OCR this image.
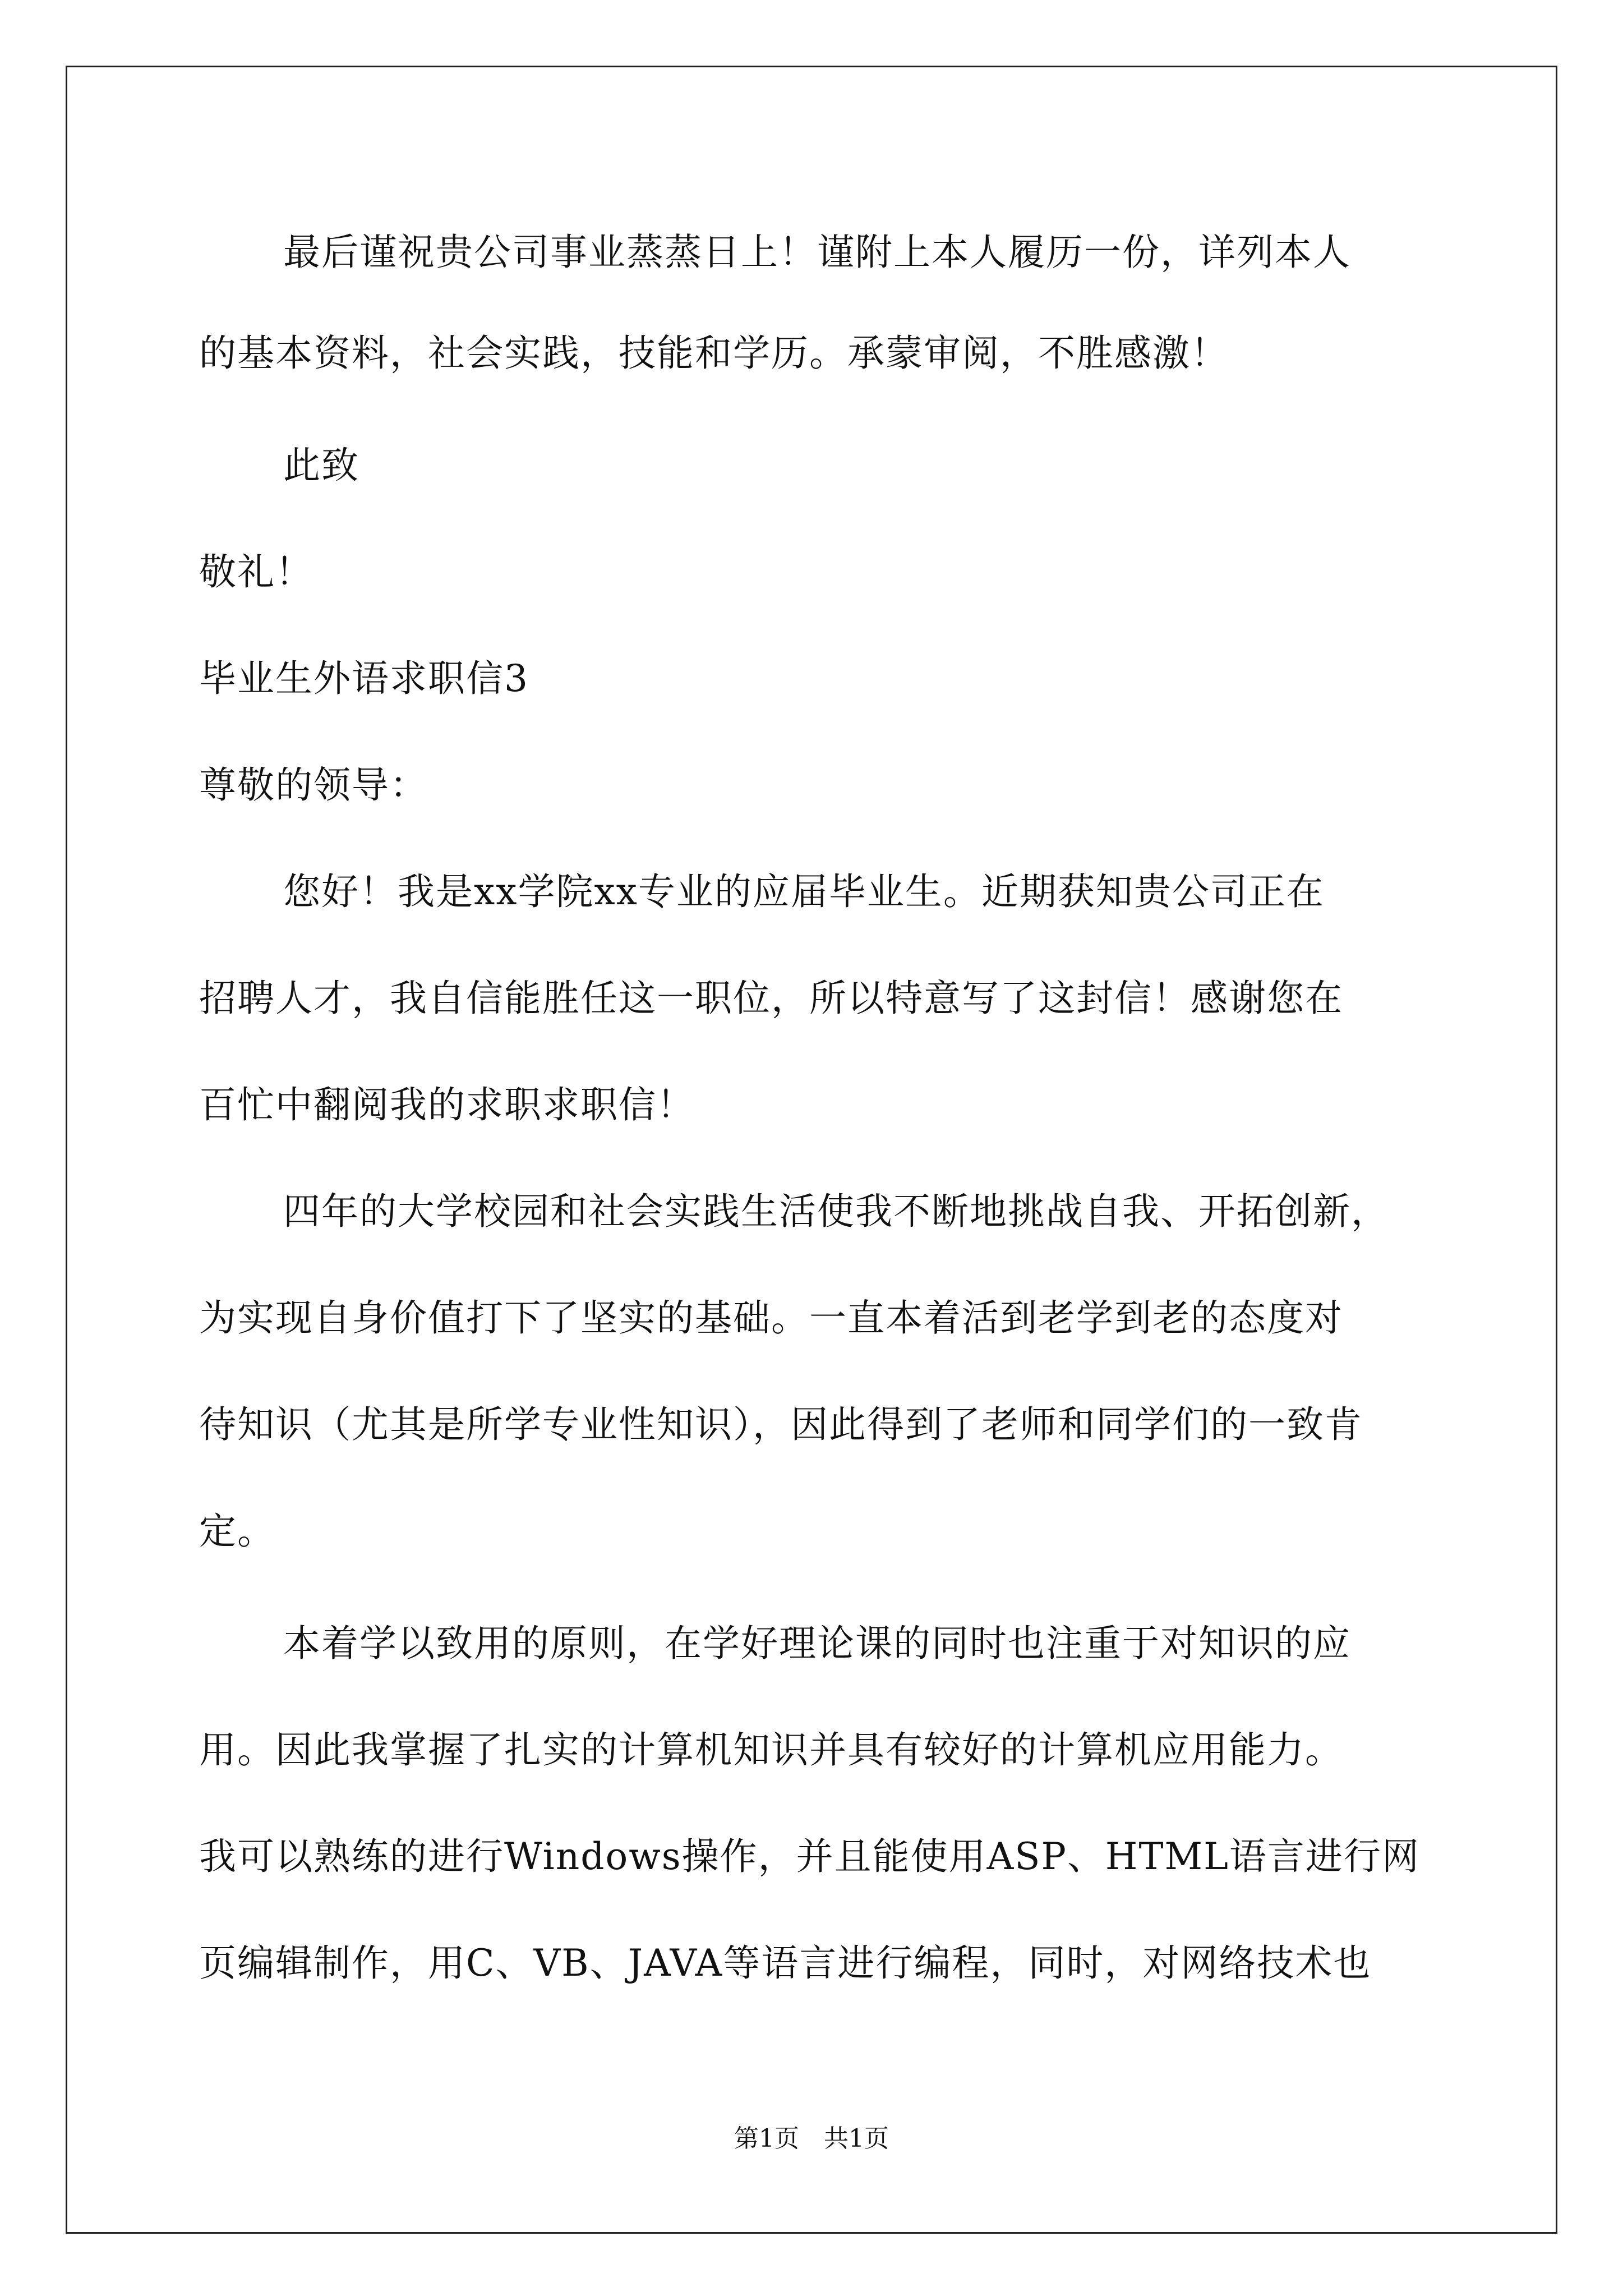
最后谨祝贵公司事业蒸蒸日上！谨附上本人履历一份，详列本人
的基本资料，社会实践，技能和学历。承蒙审阅，不胜感激！
此致
敬礼！
毕业生外语求职信3
尊敬的领导：
您好！我是xx学院xx专业的应届毕业生。近期获知贵公司正在
招聘人才，我自信能胜任这一职位，所以特意写了这封信！感谢您在
百忙中翻阅我的求职求职信！
四年的大学校园和社会实践生活使我不断地挑战自我、开拓创新，
为实现自身价值打下了坚实的基础。一直本着活到老学到老的态度对
待知识（尤其是所学专业性知识），因此得到了老师和同学们的一致肯
定。
本着学以致用的原则，在学好理论课的同时也注重于对知识的应
用。因此我掌握了扎实的计算机知识并具有较好的计算机应用能力。
我可以熟练的进行Windows操作，并且能使用ASP、HTML语言进行网
页编辑制作，用C、VB、JAVA等语言进行编程，同时，对网络技术也
第1页　共1页
